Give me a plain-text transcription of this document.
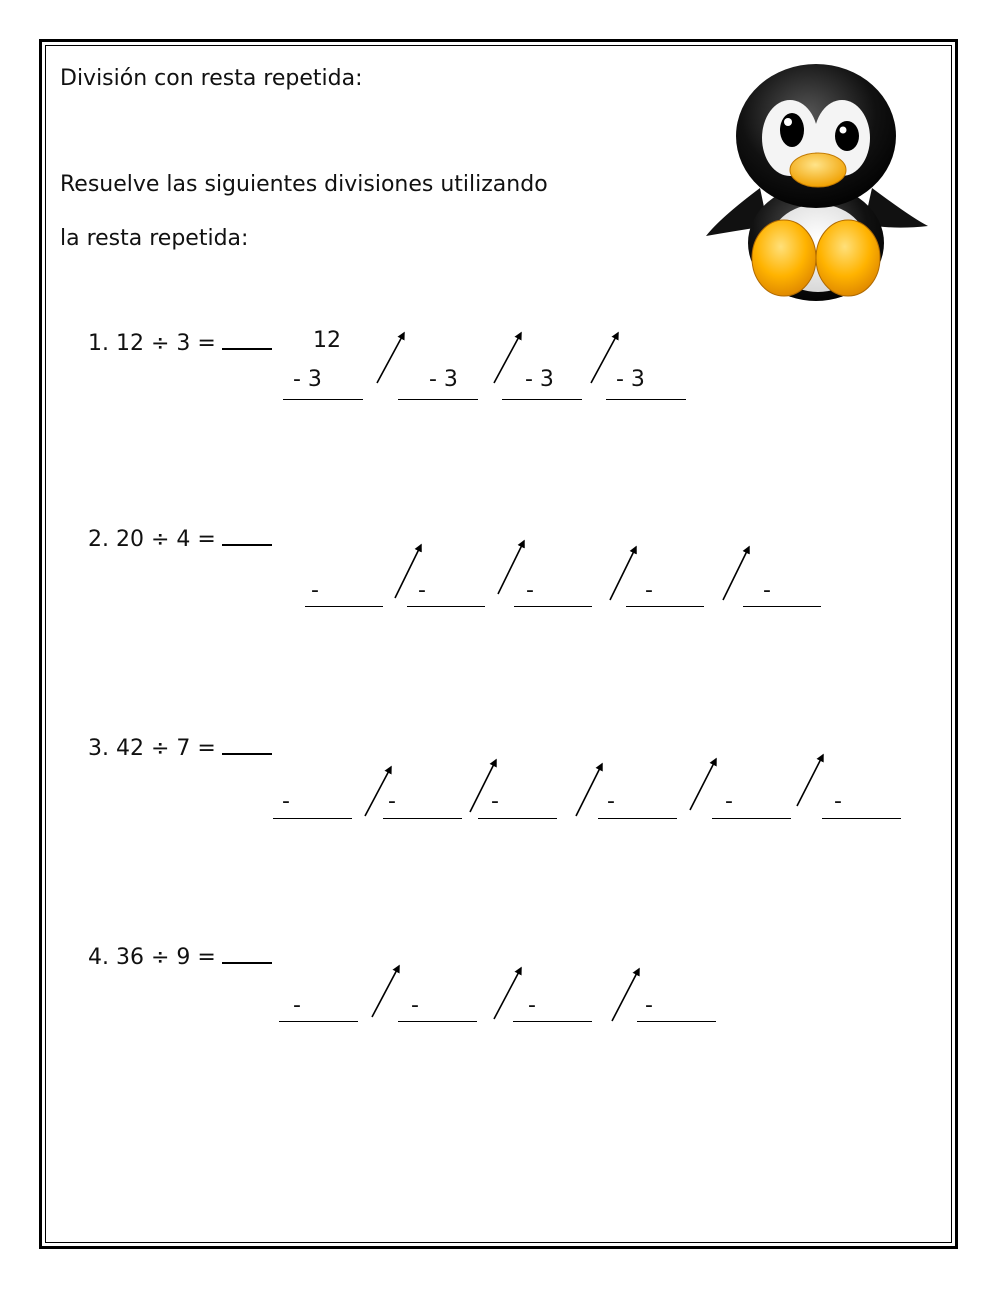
División con resta repetida:
Resuelve las siguientes divisiones utilizando
la resta repetida:
1. 12 ÷ 3 =	12
- 3	- 3	- 3	- 3
2. 20 ÷ 4 =
-	-	-	-	-
3. 42 ÷ 7 =
-	-	-	-	-	-
4. 36 ÷ 9 =
-	-	-	-
